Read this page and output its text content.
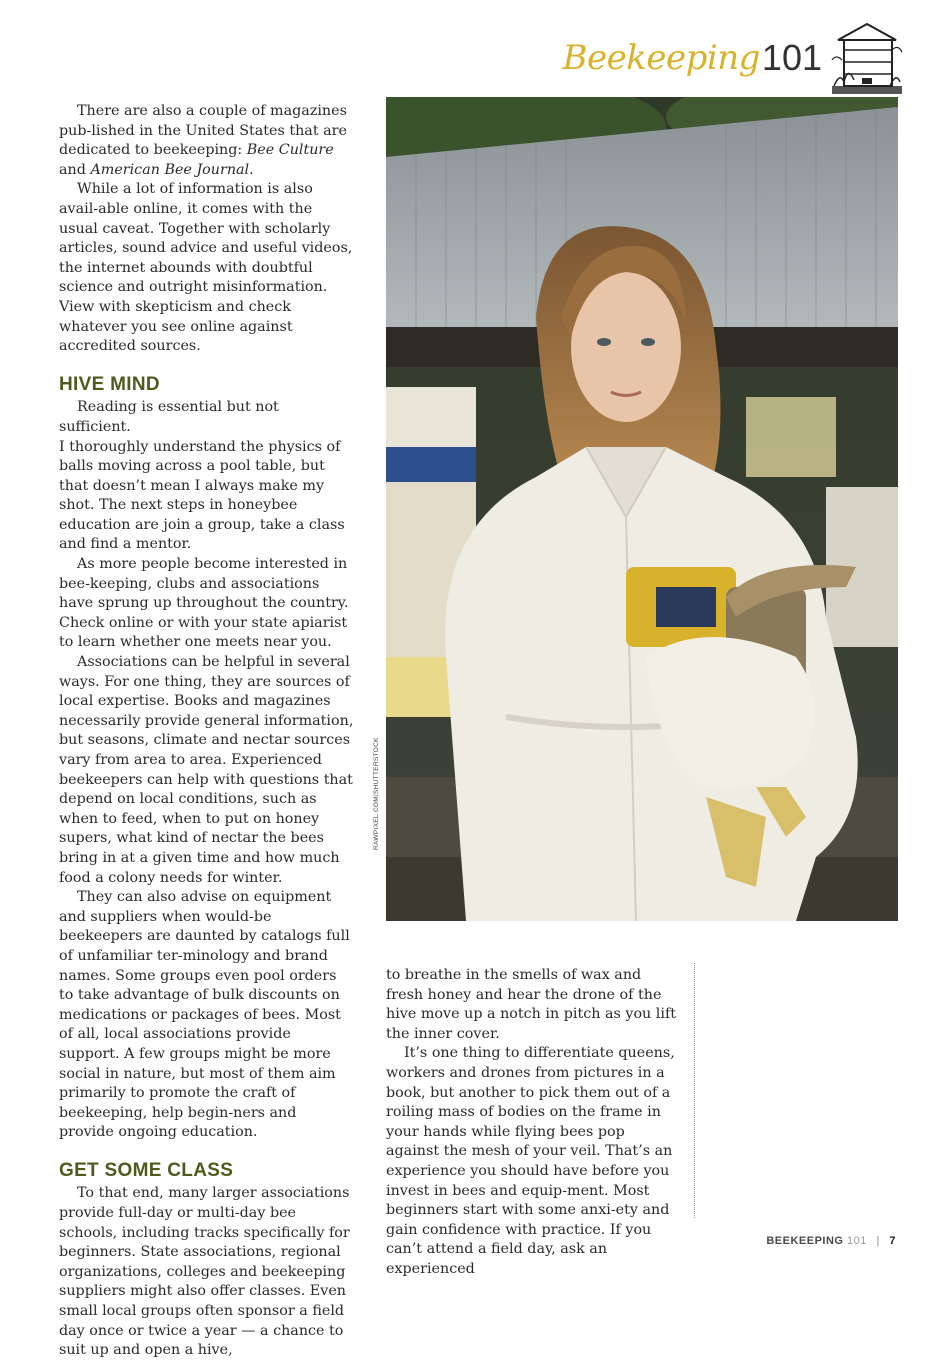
Beekeeping 101

There are also a couple of magazines pub-lished in the United States that are dedicated to beekeeping: Bee Culture and American Bee Journal.

While a lot of information is also avail-able online, it comes with the usual caveat. Together with scholarly articles, sound advice and useful videos, the internet abounds with doubtful science and outright misinformation. View with skepticism and check whatever you see online against accredited sources.

HIVE MIND

Reading is essential but not sufficient.

I thoroughly understand the physics of balls moving across a pool table, but that doesn’t mean I always make my shot. The next steps in honeybee education are join a group, take a class and find a mentor.

As more people become interested in bee-keeping, clubs and associations have sprung up throughout the country. Check online or with your state apiarist to learn whether one meets near you.

Associations can be helpful in several ways. For one thing, they are sources of local expertise. Books and magazines necessarily provide general information, but seasons, climate and nectar sources vary from area to area. Experienced beekeepers can help with questions that depend on local conditions, such as when to feed, when to put on honey supers, what kind of nectar the bees bring in at a given time and how much food a colony needs for winter.

They can also advise on equipment and suppliers when would-be beekeepers are daunted by catalogs full of unfamiliar ter-minology and brand names. Some groups even pool orders to take advantage of bulk discounts on medications or packages of bees. Most of all, local associations provide support. A few groups might be more social in nature, but most of them aim primarily to promote the craft of beekeeping, help begin-ners and provide ongoing education.

GET SOME CLASS

To that end, many larger associations provide full-day or multi-day bee schools, including tracks specifically for beginners. State associations, regional organizations, colleges and beekeeping suppliers might also offer classes. Even small local groups often sponsor a field day once or twice a year — a chance to suit up and open a hive,

RAWPIXEL.COM/SHUTTERSTOCK

to breathe in the smells of wax and fresh honey and hear the drone of the hive move up a notch in pitch as you lift the inner cover.

It’s one thing to differentiate queens, workers and drones from pictures in a book, but another to pick them out of a roiling mass of bodies on the frame in your hands while flying bees pop against the mesh of your veil. That’s an experience you should have before you invest in bees and equip-ment. Most beginners start with some anxi-ety and gain confidence with practice. If you can’t attend a field day, ask an experienced

BEEKEEPING 101 | 7
